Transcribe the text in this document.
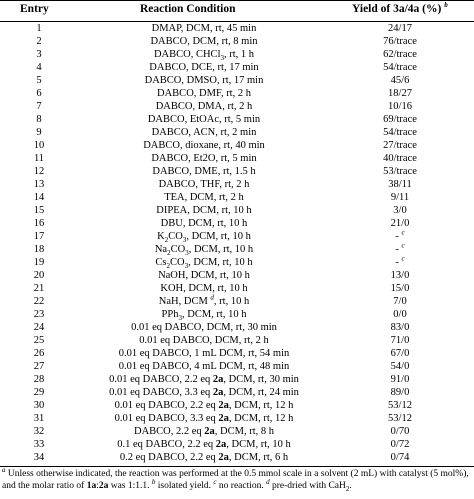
Entry	Reaction Condition	Yield of 3a/4a (%) $^b$
1	DMAP, DCM, rt, 45 min	24/17
2	DABCO, DCM, rt, 8 min	76/trace
3	DABCO, CHCl$_3$, rt, 1 h	62/trace
4	DABCO, DCE, rt, 17 min	54/trace
5	DABCO, DMSO, rt, 17 min	45/6
6	DABCO, DMF, rt, 2 h	18/27
7	DABCO, DMA, rt, 2 h	10/16
8	DABCO, EtOAc, rt, 5 min	69/trace
9	DABCO, ACN, rt, 2 min	54/trace
10	DABCO, dioxane, rt, 40 min	27/trace
11	DABCO, Et2O, rt, 5 min	40/trace
12	DABCO, DME, rt, 1.5 h	53/trace
13	DABCO, THF, rt, 2 h	38/11
14	TEA, DCM, rt, 2 h	9/11
15	DIPEA, DCM, rt, 10 h	3/0
16	DBU, DCM, rt, 10 h	21/0
17	$K_2CO_3$, DCM, rt, 10 h	- $^c$
18	$Na_2CO_3$, DCM, rt, 10 h	- $^c$
19	$Cs_2CO_3$, DCM, rt, 10 h	- $^c$
20	NaOH, DCM, rt, 10 h	13/0
21	KOH, DCM, rt, 10 h	15/0
22	NaH, DCM $^d$, rt, 10 h	7/0
23	PPh$_3$, DCM, rt, 10 h	0/0
24	0.01 eq DABCO, DCM, rt, 30 min	83/0
25	0.01 eq DABCO, DCM, rt, 2 h	71/0
26	0.01 eq DABCO, 1 mL DCM, rt, 54 min	67/0
27	0.01 eq DABCO, 4 mL DCM, rt, 48 min	54/0
28	0.01 eq DABCO, 2.2 eq 2a, DCM, rt, 30 min	91/0
29	0.01 eq DABCO, 3.3 eq 2a, DCM, rt, 24 min	89/0
30	0.01 eq DABCO, 2.2 eq 2a, DCM, rt, 12 h	53/12
31	0.01 eq DABCO, 3.3 eq 2a, DCM, rt, 12 h	53/12
32	DABCO, 2.2 eq 2a, DCM, rt, 8 h	0/70
33	0.1 eq DABCO, 2.2 eq 2a, DCM, rt, 10 h	0/72
34	0.2 eq DABCO, 2.2 eq 2a, DCM, rt, 6 h	0/74
$^a$ Unless otherwise indicated, the reaction was performed at the 0.5 mmol scale in a solvent (2 mL) with catalyst (5 mol%), and the molar ratio of 1a:2a was 1:1.1. $^b$ isolated yield. $^c$ no reaction. $^d$ pre-dried with CaH$_2$.
